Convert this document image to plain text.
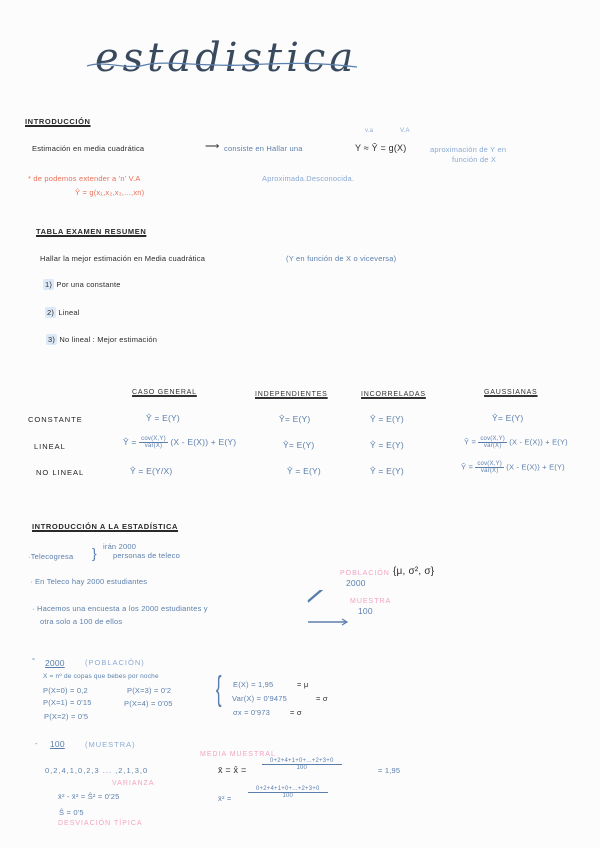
estadistica
INTRODUCCIÓN
Estimación en media cuadrática	⟶ consiste en Hallar una	Y ≈ Ŷ = g(X)
v.a	V.A
aproximación de Y en
función de X
* de podemos extender a 'n' V.A
Ŷ = g(x₁,x₂,x₃,...,xn)
Aproximada.Desconocida.
TABLA EXAMEN RESUMEN
Hallar la mejor estimación en Media cuadrática	(Y en función de X o viceversa)
1) Por una constante
2) Lineal
3) No lineal : Mejor estimación
CASO GENERAL	INDEPENDIENTES	INCORRELADAS	GAUSSIANAS
CONSTANTE	Ŷ = E(Y)	Ŷ= E(Y)	Ŷ = E(Y)	Ŷ= E(Y)
LINEAL	Ŷ = $\frac{\text{cov(X,Y)}}{\text{var(X)}} (X - E(X)) + E(Y)$	Ŷ= E(Y)	Ŷ = E(Y)	Ŷ = $\frac{\text{cov(X,Y)}}{\text{var(X)}} (X - E(X)) + E(Y)$
NO LINEAL	Ŷ = E(Y/X)	Ŷ = E(Y)	Ŷ = E(Y)	Ŷ = $\frac{\text{cov(X,Y)}}{\text{var(X)}} (X - E(X)) + E(Y)$
INTRODUCCIÓN A LA ESTADÍSTICA
·Telecogresa } irán 2000
personas de teleco
· En Teleco hay 2000 estudiantes
· Hacemos una encuesta a los 2000 estudiantes y
otra solo a 100 de ellos
POBLACIÓN {μ, σ², σ}
2000
MUESTRA
100
° 2000	(POBLACIÓN)
X = nº de copas que bebes por noche
P(X=0) = 0,2
P(X=1) = 0'15
P(X=2) = 0'5
P(X=3) = 0'2
P(X=4) = 0'05 { E(X) = 1,95	= μ
Var(X) = 0'9475	= σ
σx = 0'973	= σ
- 100	(MUESTRA)
MEDIA MUESTRAL
0,2,4,1,0,2,3 ... ,2,1,3,0	x̄ = x̂ =	$\frac{0+2+4+1+0+...+2+3+0}{100}$	= 1,95
VARIANZA
x̄² - x̄² = Ŝ² = 0'25	x̄² =	$\frac{0+2+4+1+0+...+2+3+0}{100}$
Ŝ = 0'5
DESVIACIÓN TÍPICA
